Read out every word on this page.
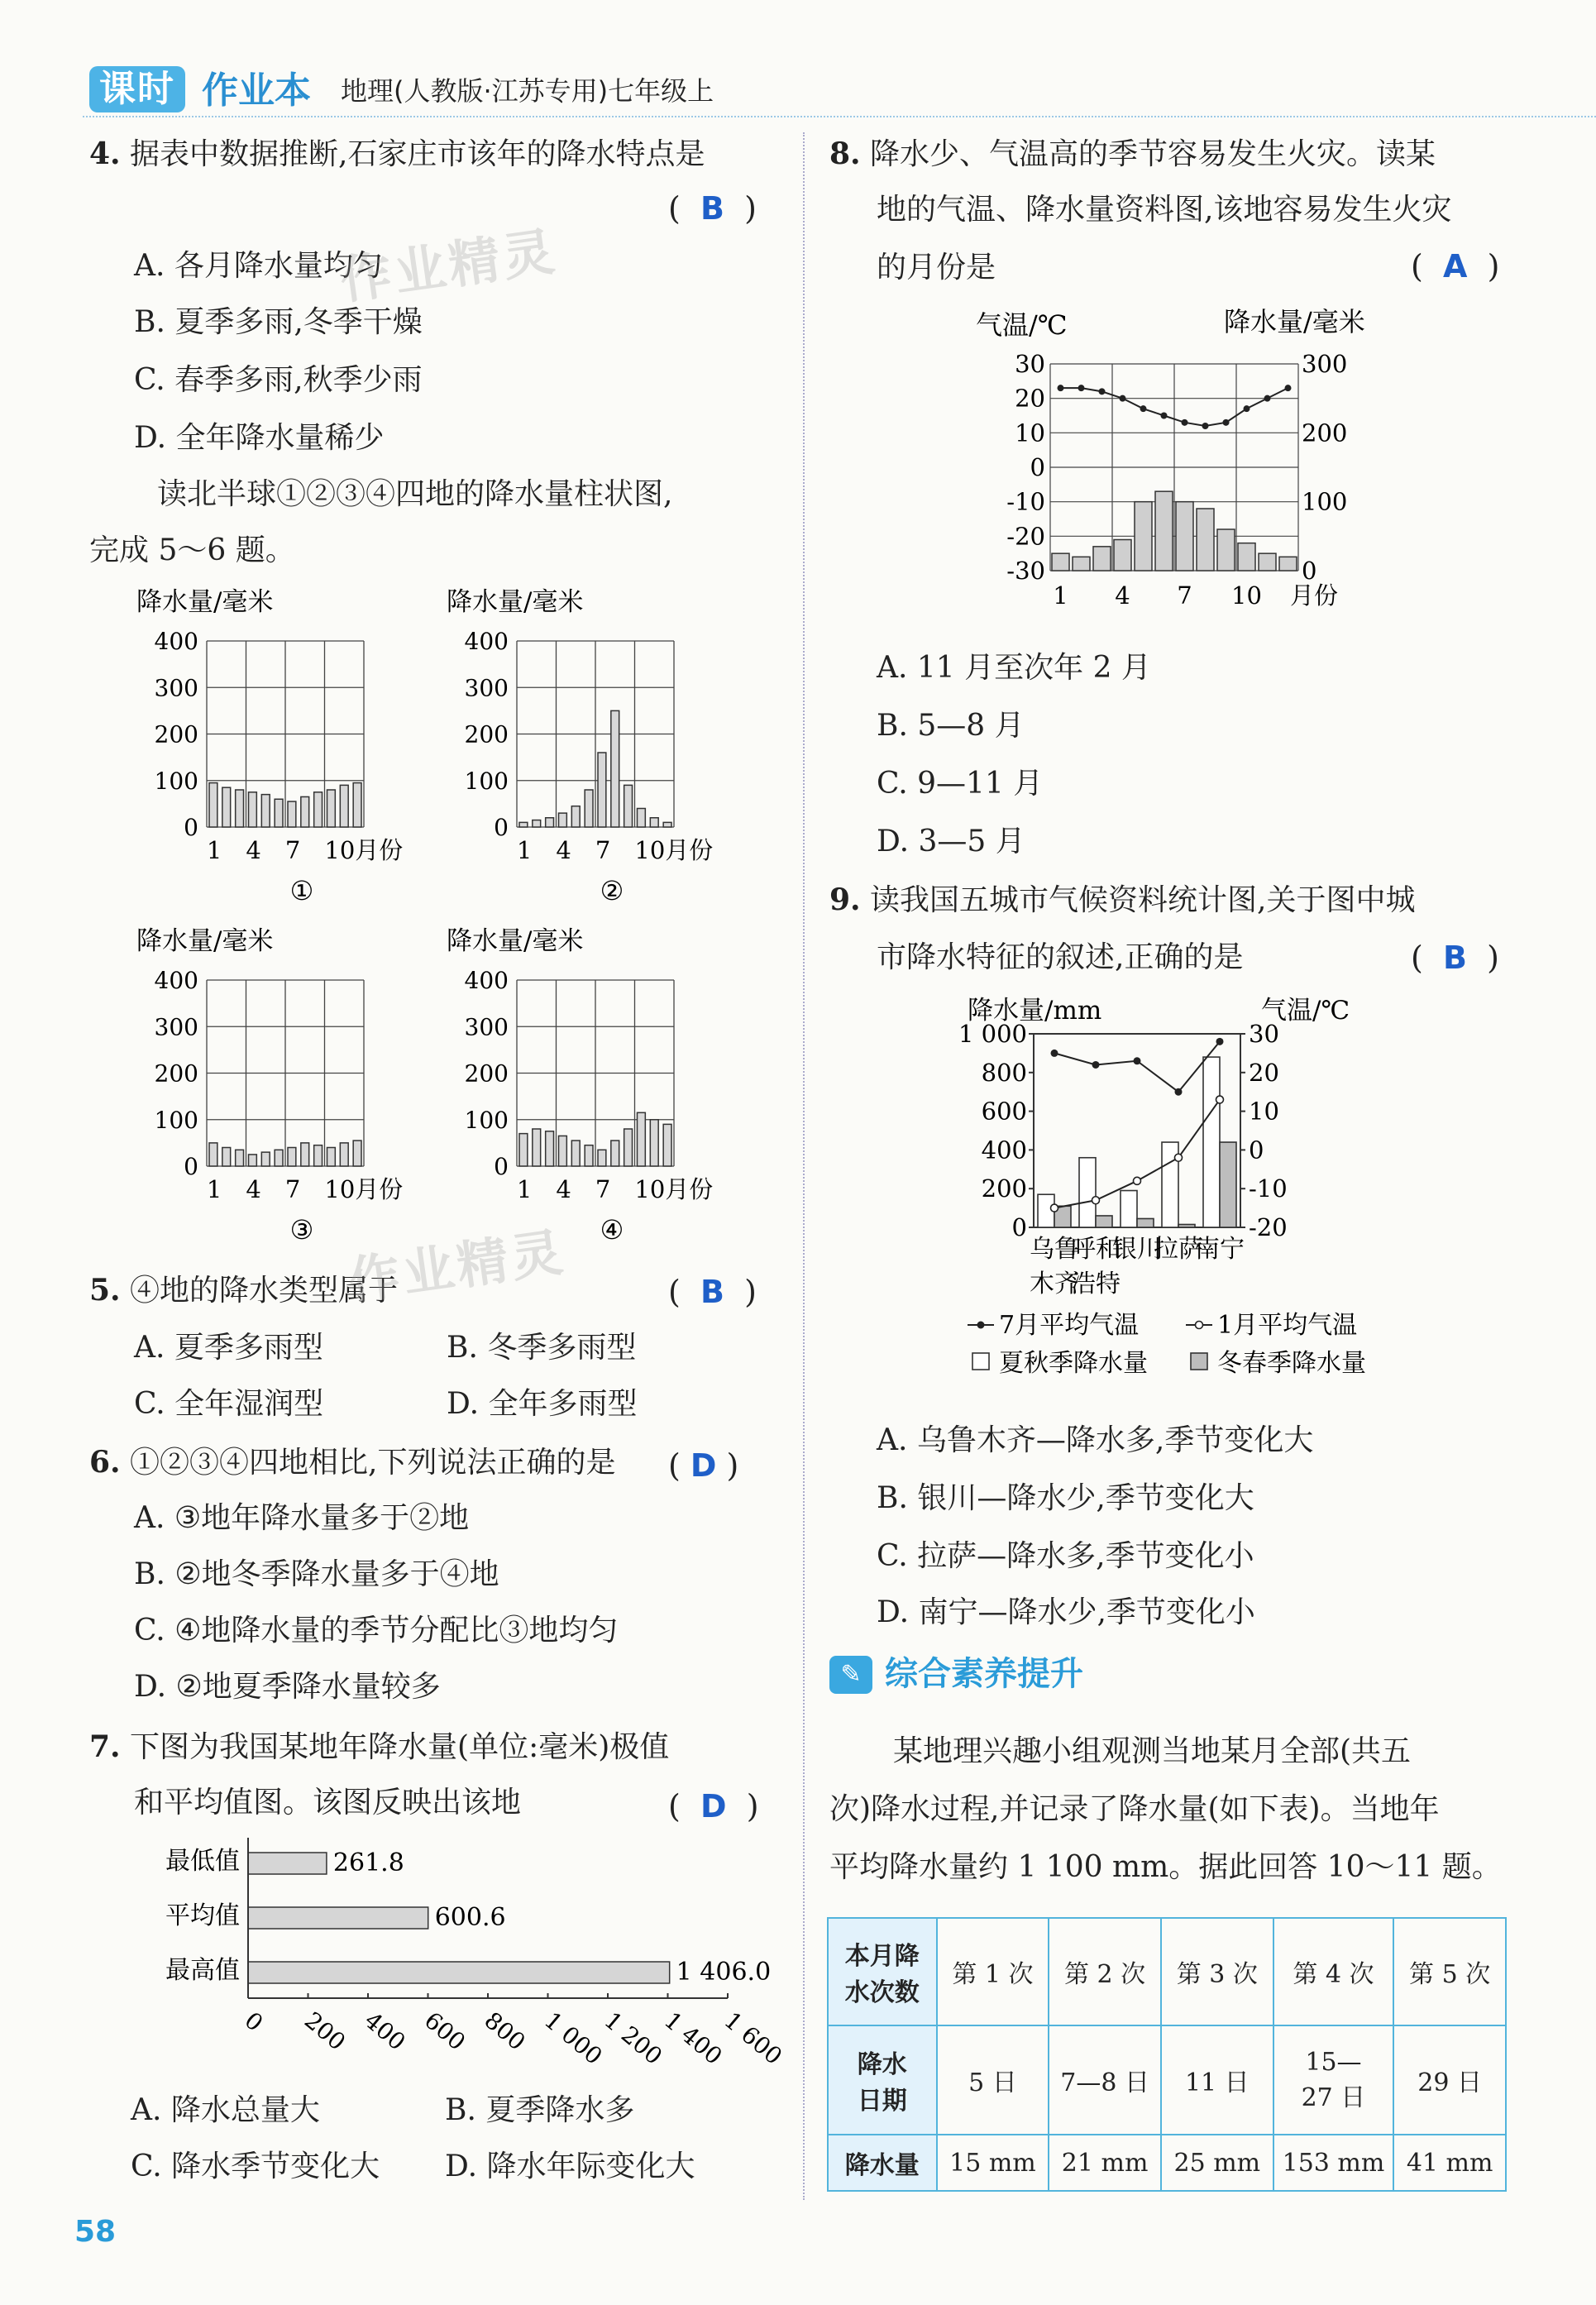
课时 作业本 地理(人教版·江苏专用)七年级上
4. 据表中数据推断,石家庄市该年的降水特点是
(  B  )
A. 各月降水量均匀
B. 夏季多雨,冬季干燥
C. 春季多雨,秋季少雨
D. 全年降水量稀少
作业精灵
读北半球①②③④四地的降水量柱状图,
完成 5～6 题。
降水量/毫米
400
300
200
100
0
1 4 7 10月份
①
降水量/毫米
400
300
200
100
0
1 4 7 10月份
②
降水量/毫米
400
300
200
100
0
1 4 7 10月份
③
降水量/毫米
400
300
200
100
0
1 4 7 10月份
④
5. ④地的降水类型属于	(  B  )
A. 夏季多雨型	B. 冬季多雨型
C. 全年湿润型	D. 全年多雨型
作业精灵
6. ①②③④四地相比,下列说法正确的是 ( D )
A. ③地年降水量多于②地
B. ②地冬季降水量多于④地
C. ④地降水量的季节分配比③地均匀
D. ②地夏季降水量较多
7. 下图为我国某地年降水量(单位:毫米)极值
和平均值图。该图反映出该地	(  D  )
最低值	261.8
平均值	600.6
最高值	1 406.0
0 200 400 600 800 1 000
1 200
1 400
1 600
A. 降水总量大	B. 夏季降水多
C. 降水季节变化大 D. 降水年际变化大
8. 降水少、气温高的季节容易发生火灾。读某
地的气温、降水量资料图,该地容易发生火灾
的月份是	(  A  )
气温/℃	降水量/毫米
30
20
10
0
-10
-20
-30
300
200
100
0
1 4 7 10 月份
A. 11 月至次年 2 月
B. 5—8 月
C. 9—11 月
D. 3—5 月
9. 读我国五城市气候资料统计图,关于图中城
市降水特征的叙述,正确的是	(  B  )
降水量/mm	气温/℃
1 000
800
600
400
200
0
30
20
10
0
-10
-20
乌鲁
木齐
呼和
浩特
银川
拉萨
南宁
7月平均气温	1月平均气温
夏秋季降水量	冬春季降水量
A. 乌鲁木齐—降水多,季节变化大
B. 银川—降水少,季节变化大
C. 拉萨—降水多,季节变化小
D. 南宁—降水少,季节变化小
✎ 综合素养提升
某地理兴趣小组观测当地某月全部(共五
次)降水过程,并记录了降水量(如下表)。当地年
平均降水量约 1 100 mm。据此回答 10～11 题。
本月降
水次数	第 1 次	第 2 次	第 3 次	第 4 次	第 5 次
降水
日期	5 日	7—8 日	11 日	15—
27 日	29 日
降水量	15 mm	21 mm	25 mm	153 mm	41 mm
58
